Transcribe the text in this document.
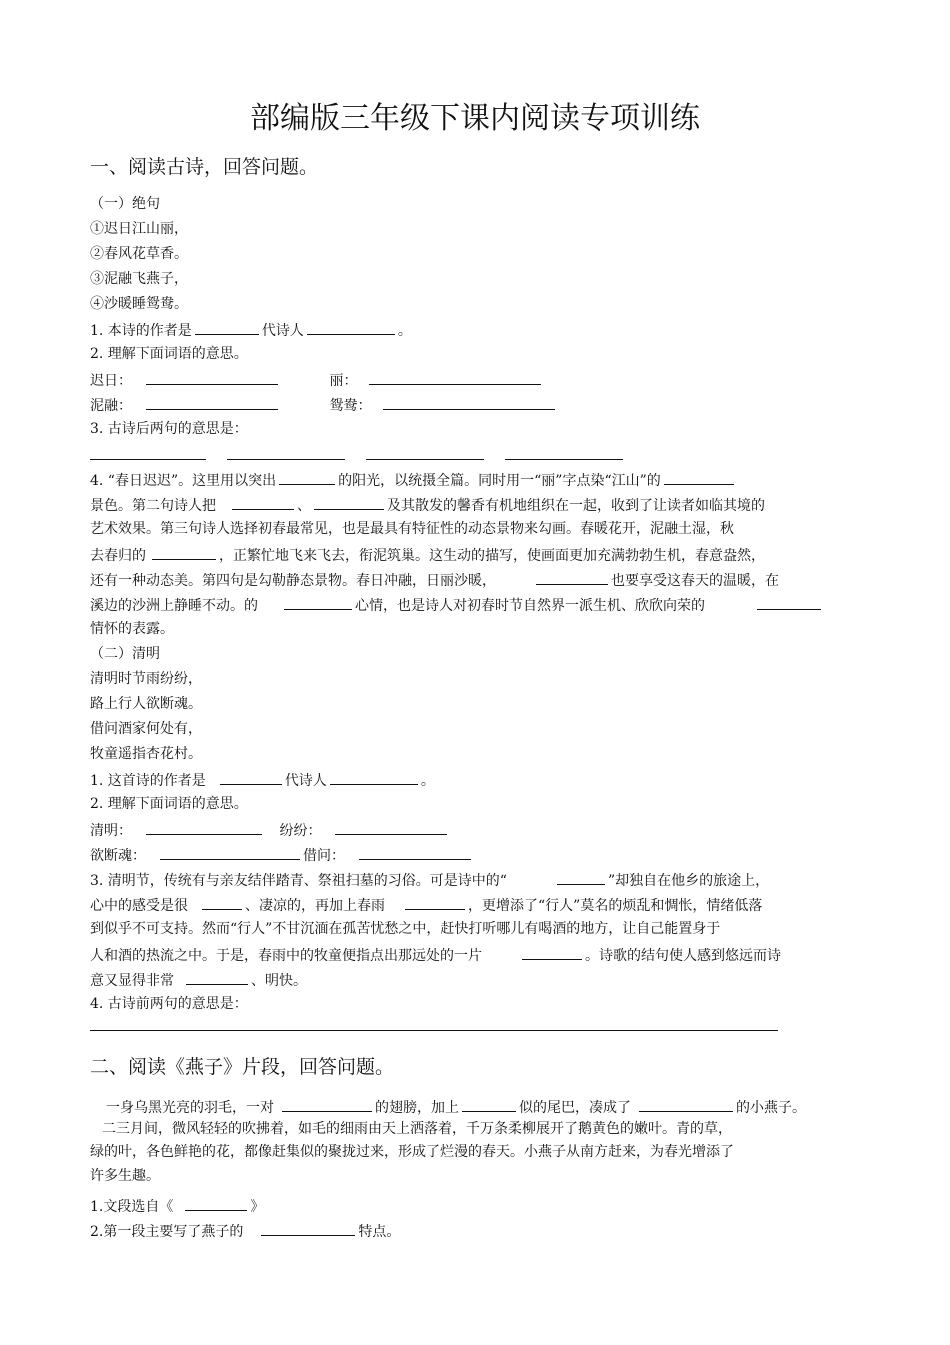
部编版三年级下课内阅读专项训练
一、阅读古诗，回答问题。
（一）绝句
①迟日江山丽，
②春风花草香。
③泥融飞燕子，
④沙暖睡鸳鸯。
1. 本诗的作者是	代诗人	。
2. 理解下面词语的意思。
迟日：	丽：
泥融：	鸳鸯：
3. 古诗后两句的意思是：
4. “春日迟迟”。这里用以突出	的阳光，以统摄全篇。同时用一“丽”字点染“江山”的
景色。第二句诗人把	、	及其散发的馨香有机地组织在一起，收到了让读者如临其境的
艺术效果。第三句诗人选择初春最常见，也是最具有特征性的动态景物来勾画。春暖花开，泥融土湿，秋
去春归的	，正繁忙地飞来飞去，衔泥筑巢。这生动的描写，使画面更加充满勃勃生机，春意盎然，
还有一种动态美。第四句是勾勒静态景物。春日冲融，日丽沙暖，	也要享受这春天的温暖，在
溪边的沙洲上静睡不动。的	心情，也是诗人对初春时节自然界一派生机、欣欣向荣的
情怀的表露。
（二）清明
清明时节雨纷纷，
路上行人欲断魂。
借问酒家何处有，
牧童遥指杏花村。
1. 这首诗的作者是	代诗人	。
2. 理解下面词语的意思。
清明：	纷纷：
欲断魂：	借问：
3. 清明节，传统有与亲友结伴踏青、祭祖扫墓的习俗。可是诗中的“	”却独自在他乡的旅途上，
心中的感受是很	、凄凉的，再加上春雨	，更增添了“行人”莫名的烦乱和惆怅，情绪低落
到似乎不可支持。然而“行人”不甘沉湎在孤苦忧愁之中，赶快打听哪儿有喝酒的地方，让自己能置身于
人和酒的热流之中。于是，春雨中的牧童便指点出那远处的一片	。诗歌的结句使人感到悠远而诗
意又显得非常	、明快。
4. 古诗前两句的意思是：
二、阅读《燕子》片段，回答问题。
一身乌黑光亮的羽毛，一对	的翅膀，加上	似的尾巴，凑成了	的小燕子。
二三月间，微风轻轻的吹拂着，如毛的细雨由天上洒落着，千万条柔柳展开了鹅黄色的嫩叶。青的草，
绿的叶，各色鲜艳的花，都像赶集似的聚拢过来，形成了烂漫的春天。小燕子从南方赶来，为春光增添了
许多生趣。
1.文段选自《	》
2.第一段主要写了燕子的	特点。
